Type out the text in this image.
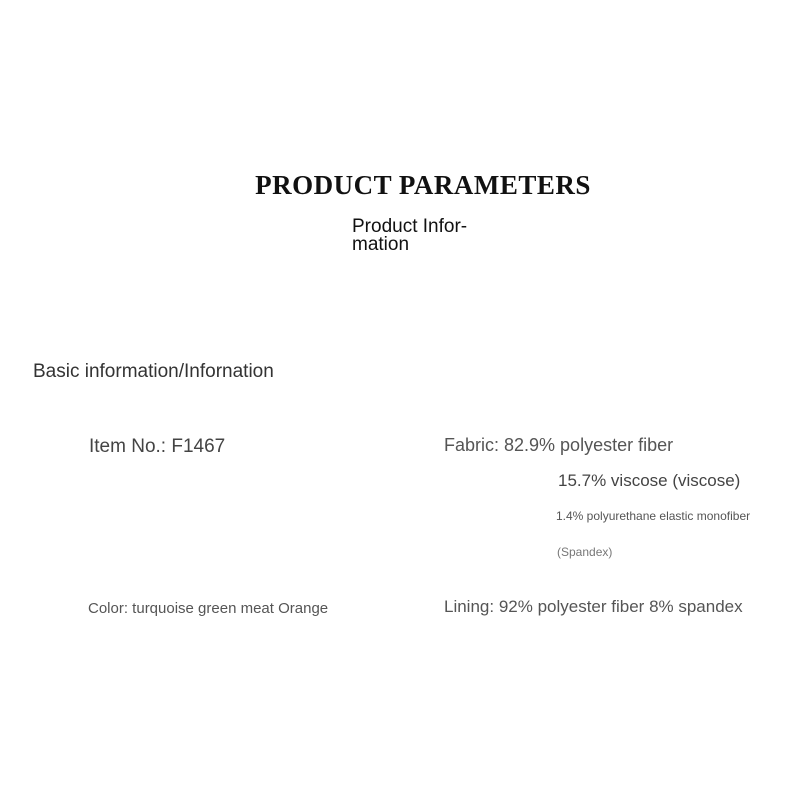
PRODUCT PARAMETERS
Product Infor-
mation
Basic information/Infornation
Item No.: F1467	Fabric: 82.9% polyester fiber
15.7% viscose (viscose)
1.4% polyurethane elastic monofiber
(Spandex)
Color: turquoise green meat Orange	Lining: 92% polyester fiber 8% spandex
